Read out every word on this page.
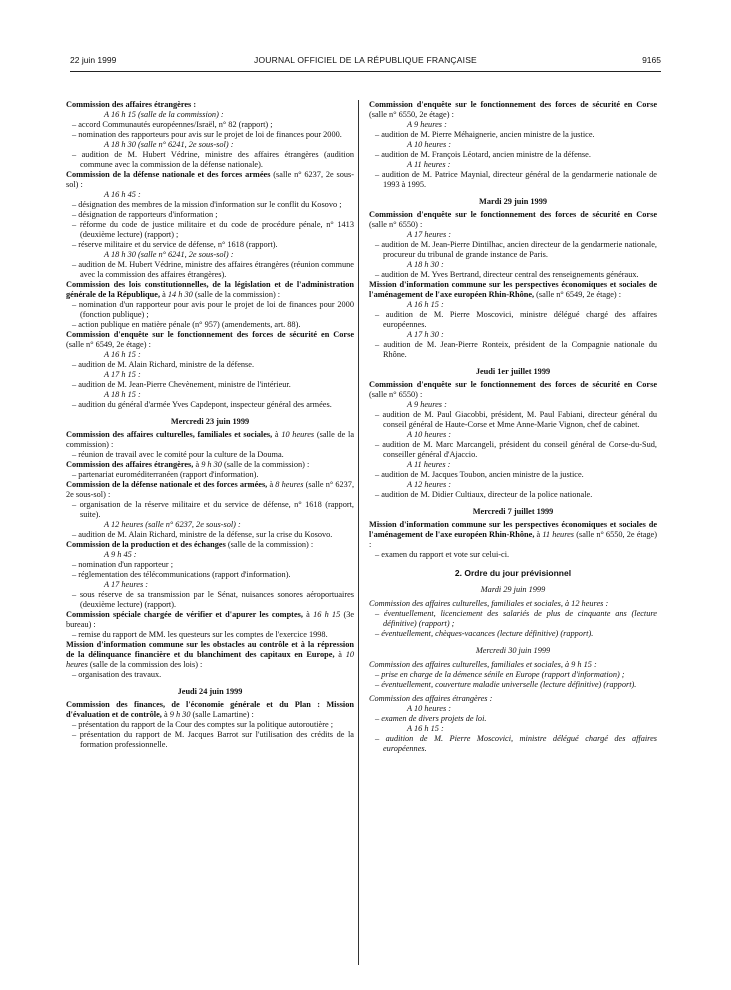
22 juin 1999	JOURNAL OFFICIEL DE LA RÉPUBLIQUE FRANÇAISE	9165

Commission des affaires étrangères :

A 16 h 15 (salle de la commission) :

– accord Communautés européennes/Israël, n° 82 (rapport) ;

– nomination des rapporteurs pour avis sur le projet de loi de finances pour 2000.

A 18 h 30 (salle n° 6241, 2e sous-sol) :

– audition de M. Hubert Védrine, ministre des affaires étrangères (audition commune avec la commission de la défense nationale).

Commission de la défense nationale et des forces armées (salle n° 6237, 2e sous-sol) :

A 16 h 45 :

– désignation des membres de la mission d'information sur le conflit du Kosovo ;

– désignation de rapporteurs d'information ;

– réforme du code de justice militaire et du code de procédure pénale, n° 1413 (deuxième lecture) (rapport) ;

– réserve militaire et du service de défense, n° 1618 (rapport).

A 18 h 30 (salle n° 6241, 2e sous-sol) :

– audition de M. Hubert Védrine, ministre des affaires étrangères (réunion commune avec la commission des affaires étrangères).

Commission des lois constitutionnelles, de la législation et de l'administration générale de la République, à 14 h 30 (salle de la commission) :

– nomination d'un rapporteur pour avis pour le projet de loi de finances pour 2000 (fonction publique) ;

– action publique en matière pénale (n° 957) (amendements, art. 88).

Commission d'enquête sur le fonctionnement des forces de sécurité en Corse (salle n° 6549, 2e étage) :

A 16 h 15 :

– audition de M. Alain Richard, ministre de la défense.

A 17 h 15 :

– audition de M. Jean-Pierre Chevènement, ministre de l'intérieur.

A 18 h 15 :

– audition du général d'armée Yves Capdepont, inspecteur général des armées.

Mercredi 23 juin 1999

Commission des affaires culturelles, familiales et sociales, à 10 heures (salle de la commission) :

– réunion de travail avec le comité pour la culture de la Douma.

Commission des affaires étrangères, à 9 h 30 (salle de la commission) :

– partenariat euroméditerranéen (rapport d'information).

Commission de la défense nationale et des forces armées, à 8 heures (salle n° 6237, 2e sous-sol) :

– organisation de la réserve militaire et du service de défense, n° 1618 (rapport, suite).

A 12 heures (salle n° 6237, 2e sous-sol) :

– audition de M. Alain Richard, ministre de la défense, sur la crise du Kosovo.

Commission de la production et des échanges (salle de la commission) :

A 9 h 45 :

– nomination d'un rapporteur ;

– réglementation des télécommunications (rapport d'information).

A 17 heures :

– sous réserve de sa transmission par le Sénat, nuisances sonores aéroportuaires (deuxième lecture) (rapport).

Commission spéciale chargée de vérifier et d'apurer les comptes, à 16 h 15 (3e bureau) :

– remise du rapport de MM. les questeurs sur les comptes de l'exercice 1998.

Mission d'information commune sur les obstacles au contrôle et à la répression de la délinquance financière et du blanchiment des capitaux en Europe, à 10 heures (salle de la commission des lois) :

– organisation des travaux.

Jeudi 24 juin 1999

Commission des finances, de l'économie générale et du Plan : Mission d'évaluation et de contrôle, à 9 h 30 (salle Lamartine) :

– présentation du rapport de la Cour des comptes sur la politique autoroutière ;

– présentation du rapport de M. Jacques Barrot sur l'utilisation des crédits de la formation professionnelle.

Commission d'enquête sur le fonctionnement des forces de sécurité en Corse (salle n° 6550, 2e étage) :

A 9 heures :

– audition de M. Pierre Méhaignerie, ancien ministre de la justice.

A 10 heures :

– audition de M. François Léotard, ancien ministre de la défense.

A 11 heures :

– audition de M. Patrice Maynial, directeur général de la gendarmerie nationale de 1993 à 1995.

Mardi 29 juin 1999

Commission d'enquête sur le fonctionnement des forces de sécurité en Corse (salle n° 6550) :

A 17 heures :

– audition de M. Jean-Pierre Dintilhac, ancien directeur de la gendarmerie nationale, procureur du tribunal de grande instance de Paris.

A 18 h 30 :

– audition de M. Yves Bertrand, directeur central des renseignements généraux.

Mission d'information commune sur les perspectives économiques et sociales de l'aménagement de l'axe européen Rhin-Rhône, (salle n° 6549, 2e étage) :

A 16 h 15 :

– audition de M. Pierre Moscovici, ministre délégué chargé des affaires européennes.

A 17 h 30 :

– audition de M. Jean-Pierre Ronteix, président de la Compagnie nationale du Rhône.

Jeudi 1er juillet 1999

Commission d'enquête sur le fonctionnement des forces de sécurité en Corse (salle n° 6550) :

A 9 heures :

– audition de M. Paul Giacobbi, président, M. Paul Fabiani, directeur général du conseil général de Haute-Corse et Mme Anne-Marie Vignon, chef de cabinet.

A 10 heures :

– audition de M. Marc Marcangeli, président du conseil général de Corse-du-Sud, conseiller général d'Ajaccio.

A 11 heures :

– audition de M. Jacques Toubon, ancien ministre de la justice.

A 12 heures :

– audition de M. Didier Cultiaux, directeur de la police nationale.

Mercredi 7 juillet 1999

Mission d'information commune sur les perspectives économiques et sociales de l'aménagement de l'axe européen Rhin-Rhône, à 11 heures (salle n° 6550, 2e étage) :

– examen du rapport et vote sur celui-ci.

2. Ordre du jour prévisionnel

Mardi 29 juin 1999

Commission des affaires culturelles, familiales et sociales, à 12 heures :

– éventuellement, licenciement des salariés de plus de cinquante ans (lecture définitive) (rapport) ;

– éventuellement, chèques-vacances (lecture définitive) (rapport).

Mercredi 30 juin 1999

Commission des affaires culturelles, familiales et sociales, à 9 h 15 :

– prise en charge de la démence sénile en Europe (rapport d'information) ;

– éventuellement, couverture maladie universelle (lecture définitive) (rapport).

Commission des affaires étrangères :

A 10 heures :

– examen de divers projets de loi.

A 16 h 15 :

– audition de M. Pierre Moscovici, ministre délégué chargé des affaires européennes.
